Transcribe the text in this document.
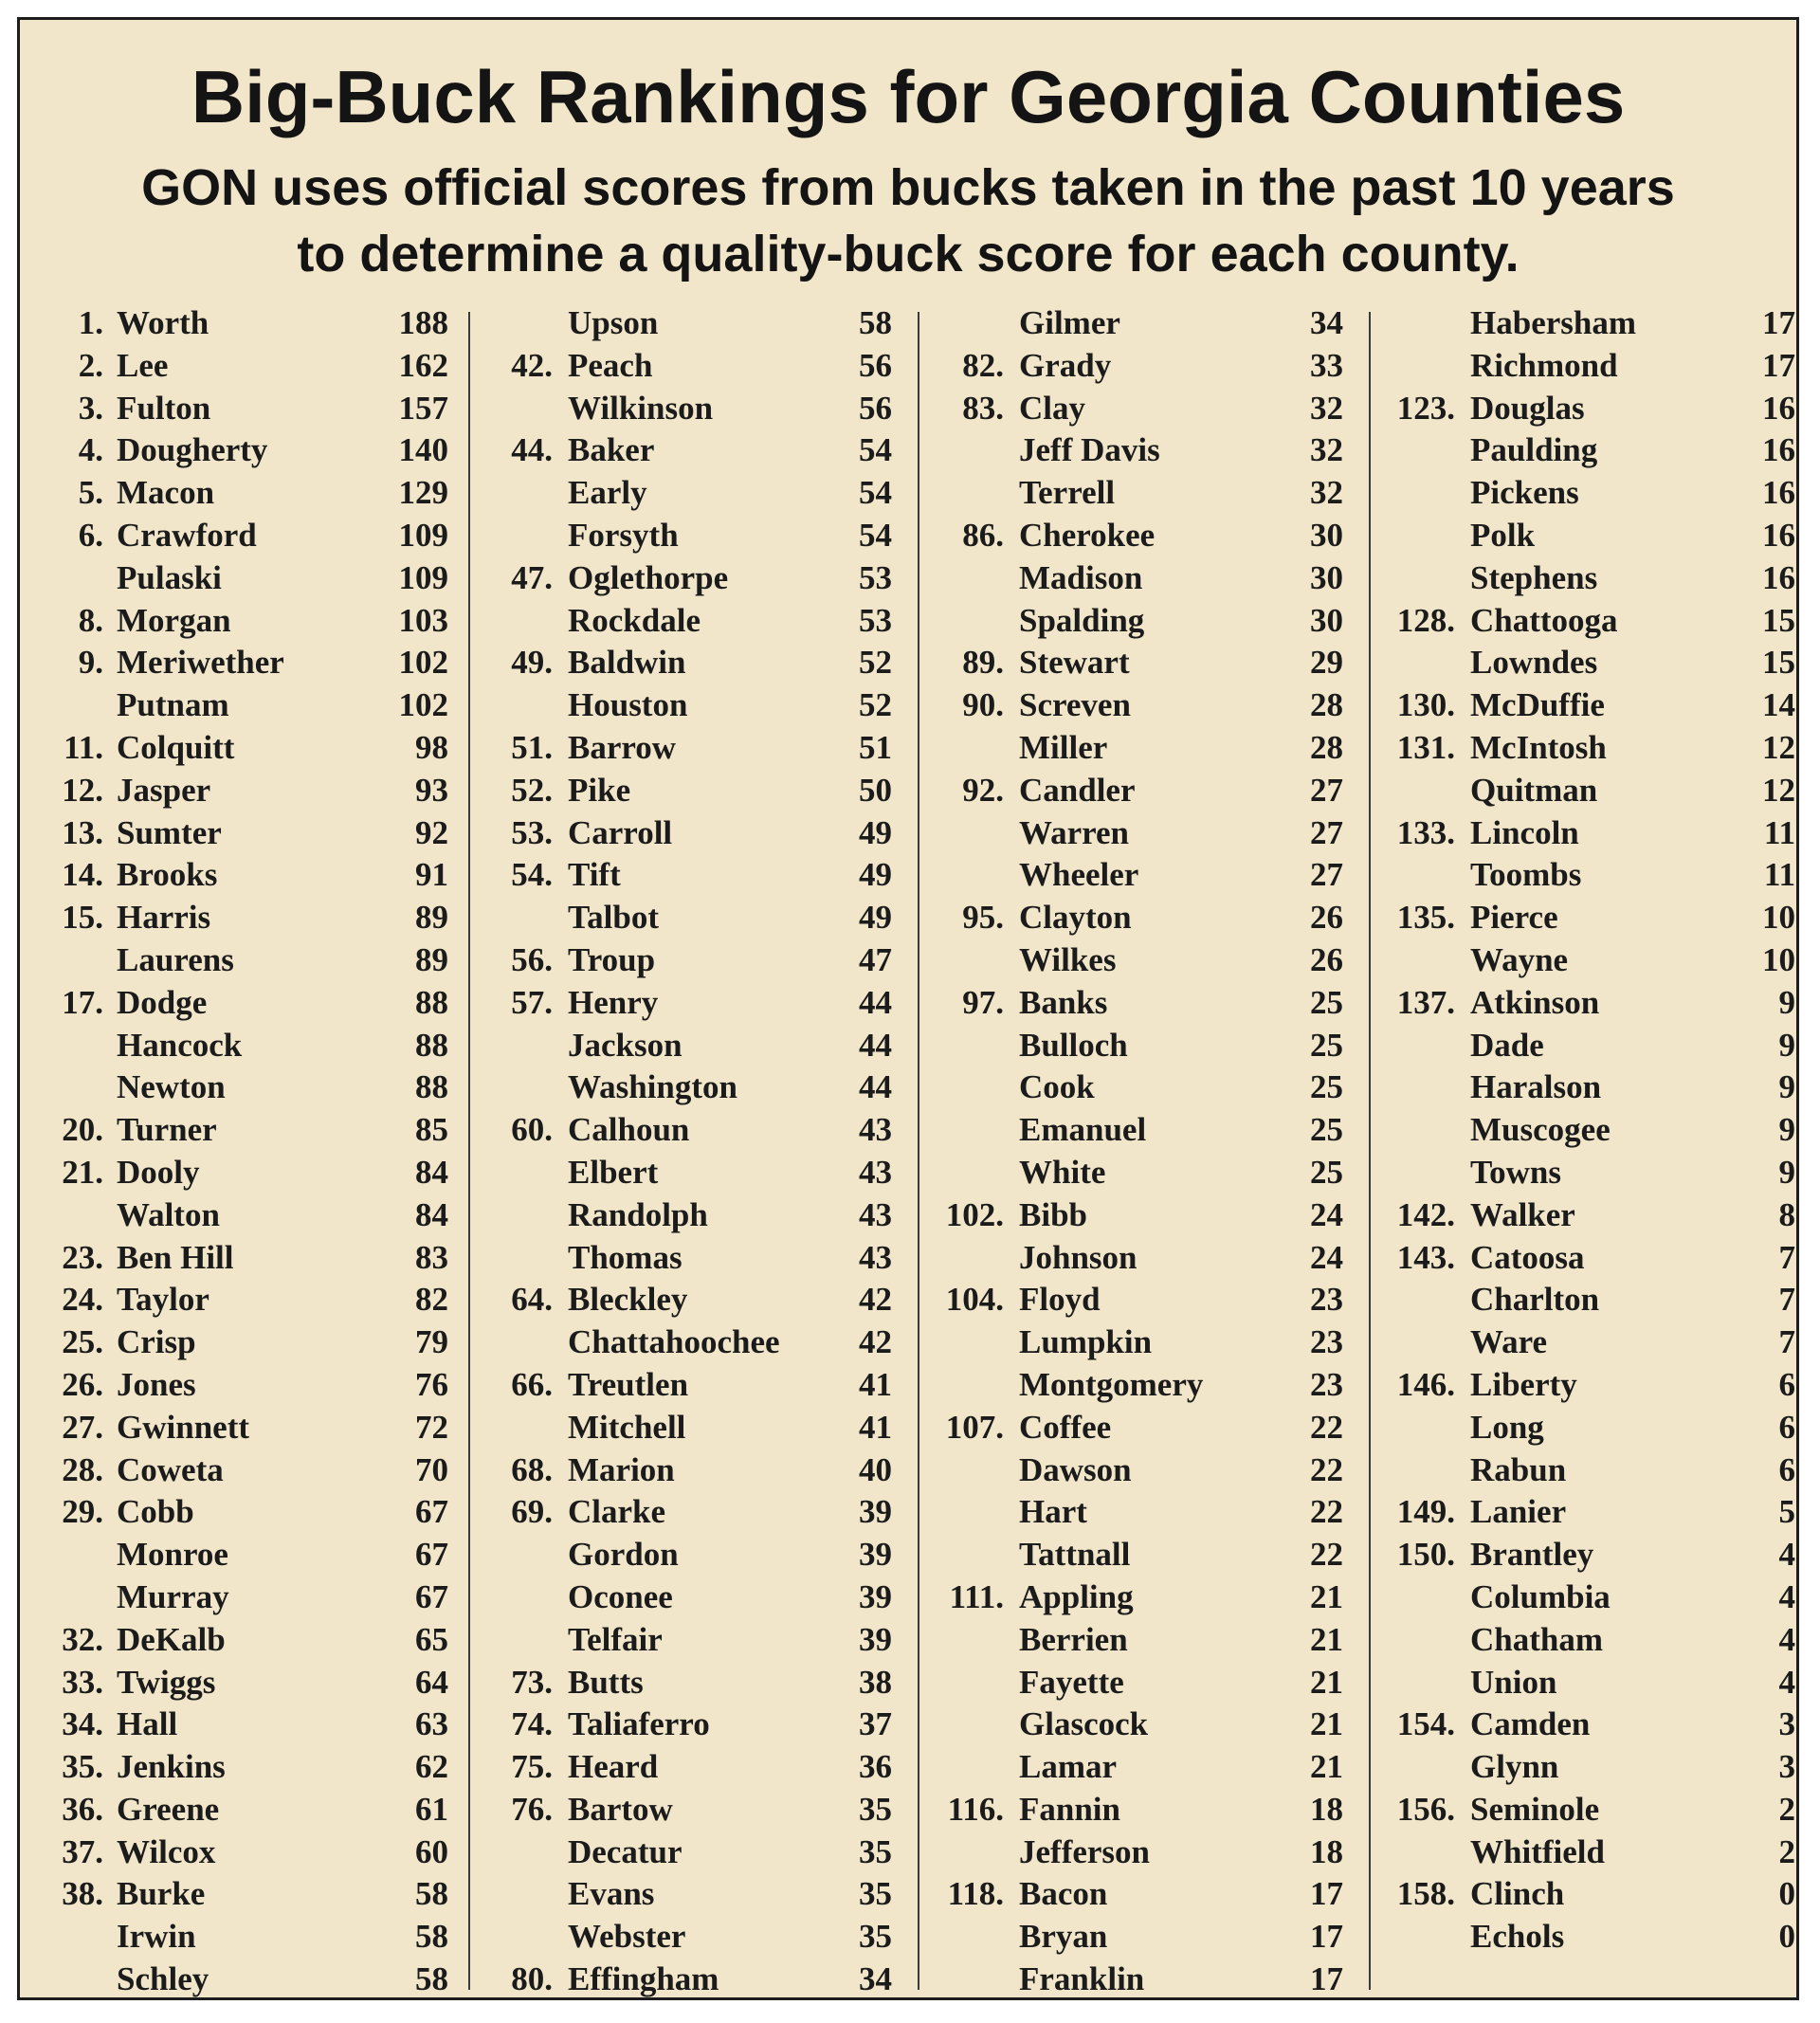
Big-Buck Rankings for Georgia Counties
GON uses official scores from bucks taken in the past 10 years
to determine a quality-buck score for each county.
1. Worth	188
2. Lee	162
3. Fulton	157
4. Dougherty	140
5. Macon	129
6. Crawford	109
Pulaski	109
8. Morgan	103
9. Meriwether	102
Putnam	102
11. Colquitt	98
12. Jasper	93
13. Sumter	92
14. Brooks	91
15. Harris	89
Laurens	89
17. Dodge	88
Hancock	88
Newton	88
20. Turner	85
21. Dooly	84
Walton	84
23. Ben Hill	83
24. Taylor	82
25. Crisp	79
26. Jones	76
27. Gwinnett	72
28. Coweta	70
29. Cobb	67
Monroe	67
Murray	67
32. DeKalb	65
33. Twiggs	64
34. Hall	63
35. Jenkins	62
36. Greene	61
37. Wilcox	60
38. Burke	58
Irwin	58
Schley	58
Upson	58
42. Peach	56
Wilkinson	56
44. Baker	54
Early	54
Forsyth	54
47. Oglethorpe	53
Rockdale	53
49. Baldwin	52
Houston	52
51. Barrow	51
52. Pike	50
53. Carroll	49
54. Tift	49
Talbot	49
56. Troup	47
57. Henry	44
Jackson	44
Washington	44
60. Calhoun	43
Elbert	43
Randolph	43
Thomas	43
64. Bleckley	42
Chattahoochee 42
66. Treutlen	41
Mitchell	41
68. Marion	40
69. Clarke	39
Gordon	39
Oconee	39
Telfair	39
73. Butts	38
74. Taliaferro	37
75. Heard	36
76. Bartow	35
Decatur	35
Evans	35
Webster	35
80. Effingham	34
Gilmer	34
82. Grady	33
83. Clay	32
Jeff Davis	32
Terrell	32
86. Cherokee	30
Madison	30
Spalding	30
89. Stewart	29
90. Screven	28
Miller	28
92. Candler	27
Warren	27
Wheeler	27
95. Clayton	26
Wilkes	26
97. Banks	25
Bulloch	25
Cook	25
Emanuel	25
White	25
102. Bibb	24
Johnson	24
104. Floyd	23
Lumpkin	23
Montgomery	23
107. Coffee	22
Dawson	22
Hart	22
Tattnall	22
111. Appling	21
Berrien	21
Fayette	21
Glascock	21
Lamar	21
116. Fannin	18
Jefferson	18
118. Bacon	17
Bryan	17
Franklin	17
Habersham	17
Richmond	17
123. Douglas	16
Paulding	16
Pickens	16
Polk	16
Stephens	16
128. Chattooga	15
Lowndes	15
130. McDuffie	14
131. McIntosh	12
Quitman	12
133. Lincoln	11
Toombs	11
135. Pierce	10
Wayne	10
137. Atkinson	9
Dade	9
Haralson	9
Muscogee	9
Towns	9
142. Walker	8
143. Catoosa	7
Charlton	7
Ware	7
146. Liberty	6
Long	6
Rabun	6
149. Lanier	5
150. Brantley	4
Columbia	4
Chatham	4
Union	4
154. Camden	3
Glynn	3
156. Seminole	2
Whitfield	2
158. Clinch	0
Echols	0
